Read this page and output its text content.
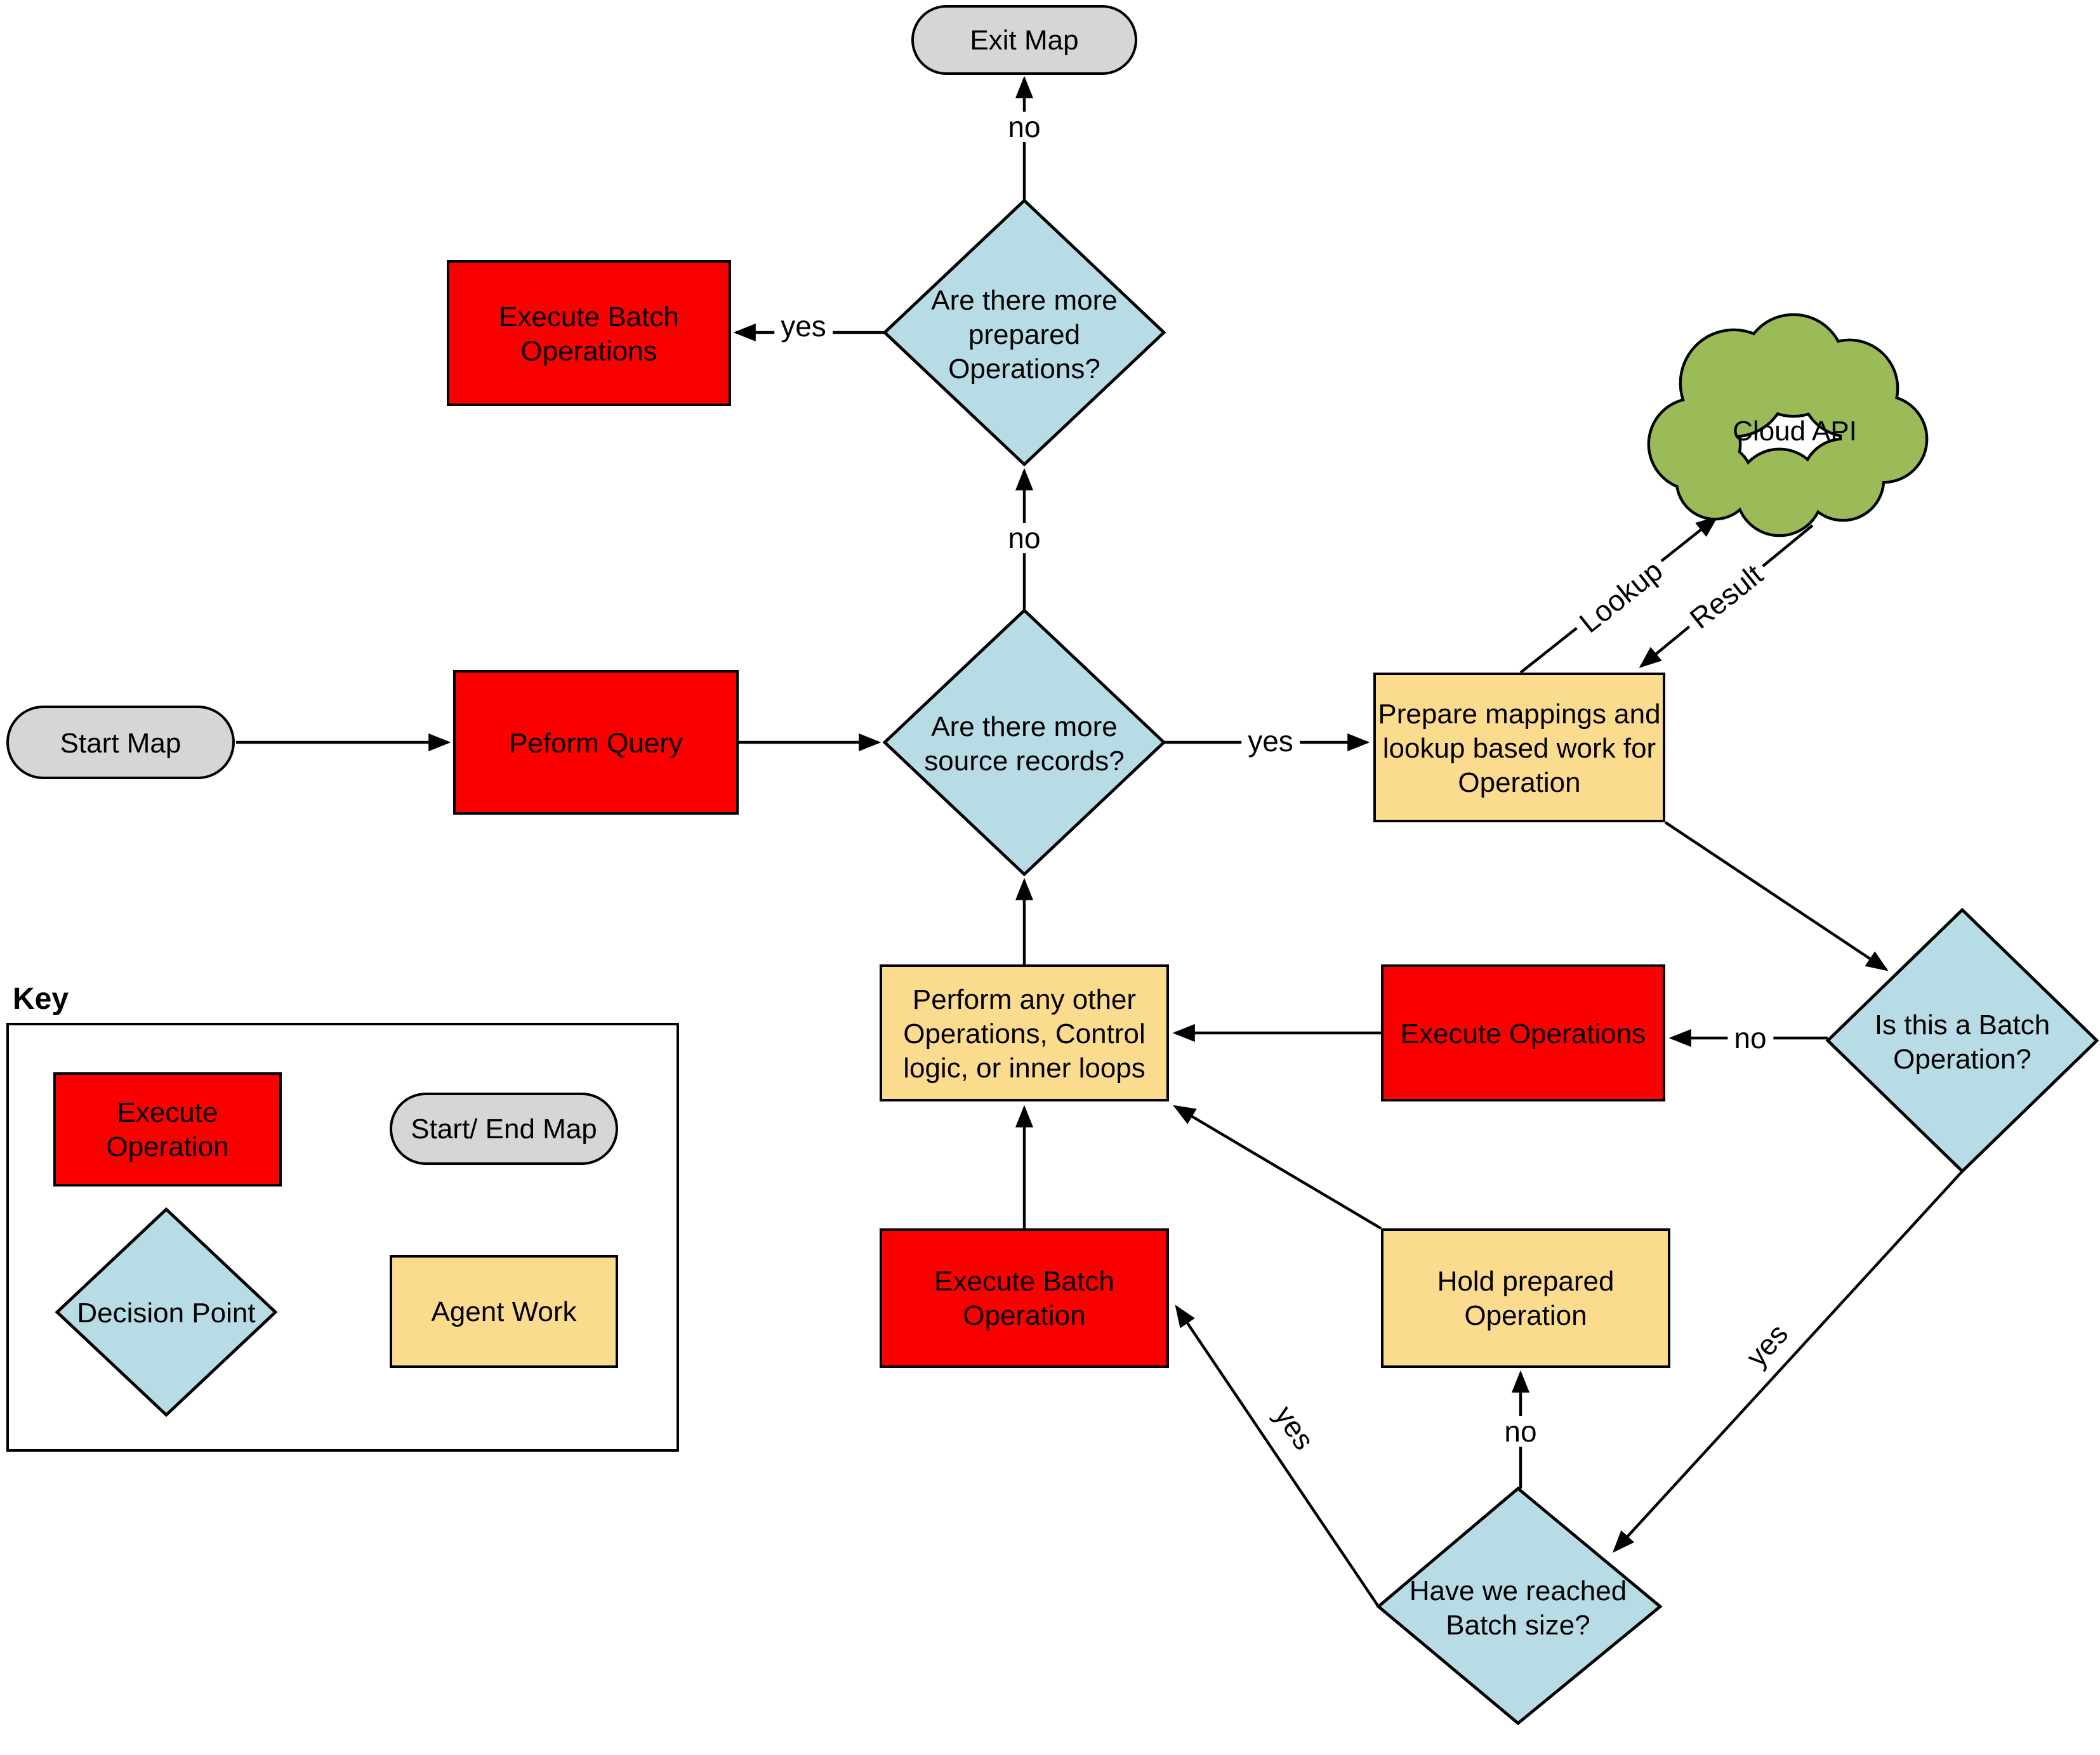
Exit Map
Start Map
Execute Batch
Operations
Peform Query
Execute Operations
Execute Batch
Operation
Prepare mappings and
lookup based work for
Operation
Perform any other
Operations, Control
logic, or inner loops
Hold prepared
Operation
Are there more
prepared
Operations?
Are there more
source records?
Is this a Batch
Operation?
Have we reached
Batch size?
Cloud API
no
yes
no
yes
Lookup Result
no
yes
no
yes
Key
Execute
Operation
Start/ End Map
Decision Point	Agent Work
